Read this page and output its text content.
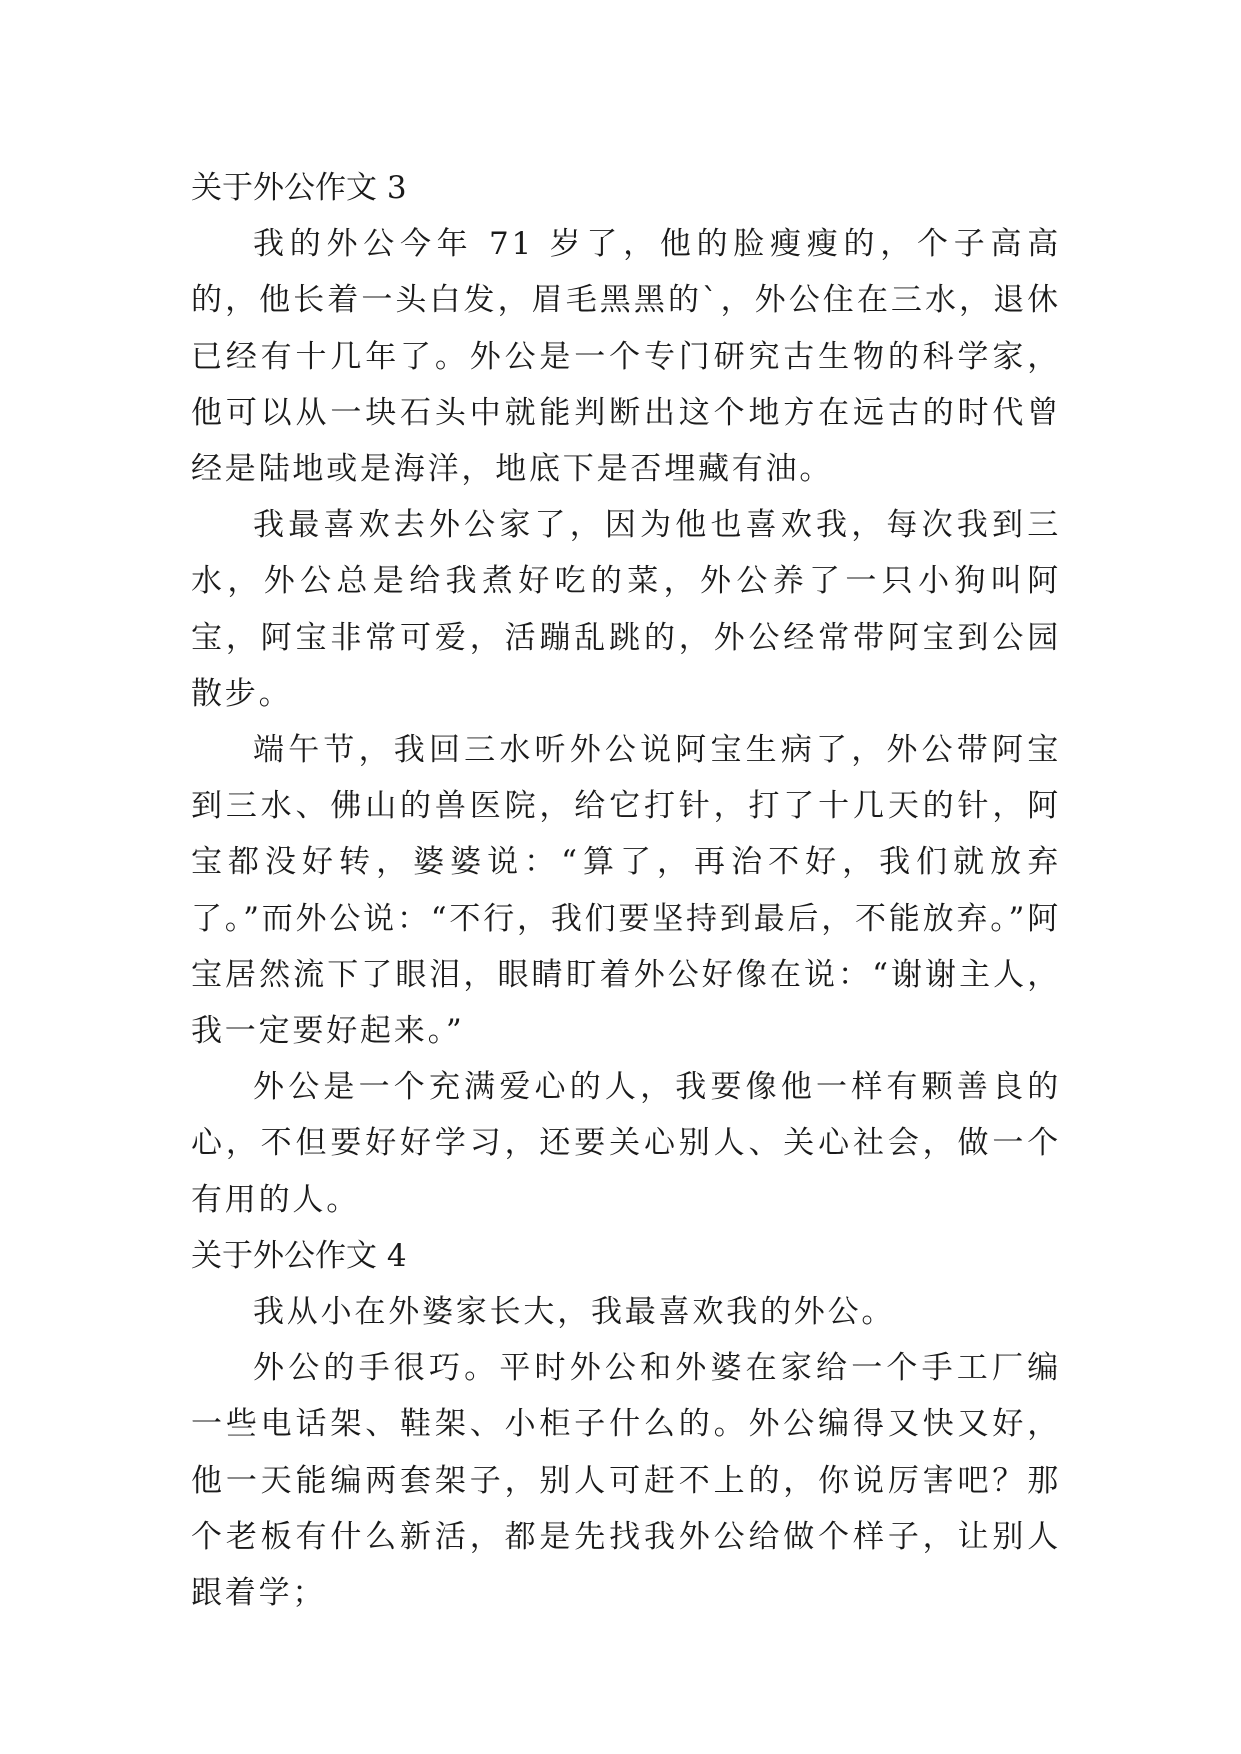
关于外公作文 3

我的外公今年 71 岁了，他的脸瘦瘦的，个子高高的，他长着一头白发，眉毛黑黑的`，外公住在三水，退休已经有十几年了。外公是一个专门研究古生物的科学家，他可以从一块石头中就能判断出这个地方在远古的时代曾经是陆地或是海洋，地底下是否埋藏有油。

我最喜欢去外公家了，因为他也喜欢我，每次我到三水，外公总是给我煮好吃的菜，外公养了一只小狗叫阿宝，阿宝非常可爱，活蹦乱跳的，外公经常带阿宝到公园散步。

端午节，我回三水听外公说阿宝生病了，外公带阿宝到三水、佛山的兽医院，给它打针，打了十几天的针，阿宝都没好转，婆婆说：“算了，再治不好，我们就放弃了。”而外公说：“不行，我们要坚持到最后，不能放弃。”阿宝居然流下了眼泪，眼睛盯着外公好像在说：“谢谢主人，我一定要好起来。”

外公是一个充满爱心的人，我要像他一样有颗善良的心，不但要好好学习，还要关心别人、关心社会，做一个有用的人。

关于外公作文 4

我从小在外婆家长大，我最喜欢我的外公。

外公的手很巧。平时外公和外婆在家给一个手工厂编一些电话架、鞋架、小柜子什么的。外公编得又快又好，他一天能编两套架子，别人可赶不上的，你说厉害吧？那个老板有什么新活，都是先找我外公给做个样子，让别人跟着学；
